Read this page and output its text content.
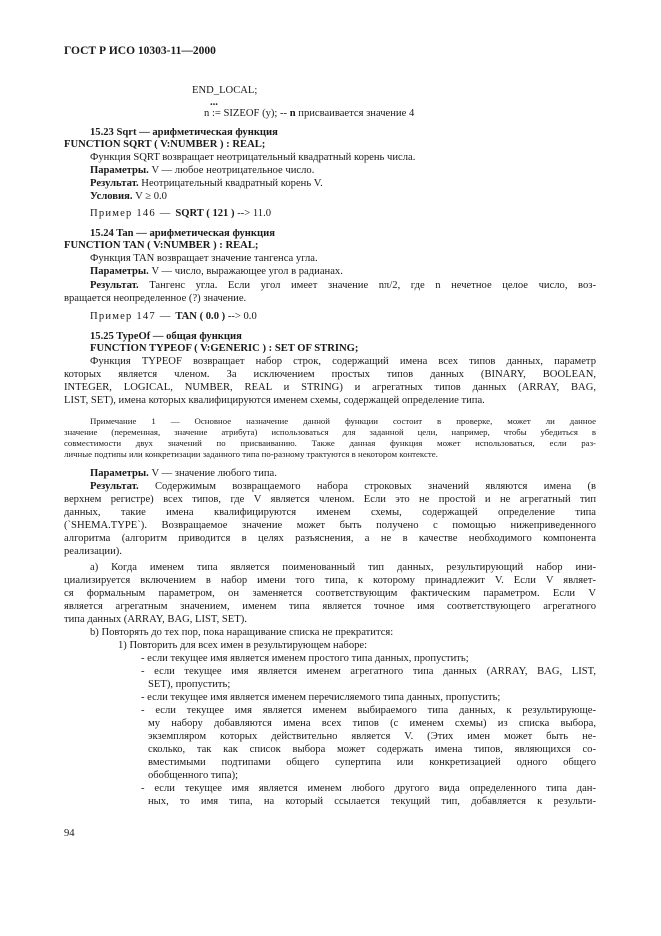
ГОСТ Р ИСО 10303-11—2000
END_LOCAL;
...
n := SIZEOF (y); -- n присваивается значение 4
15.23 Sqrt — арифметическая функция
FUNCTION SQRT ( V:NUMBER ) : REAL;
Функция SQRT возвращает неотрицательный квадратный корень числа.
Параметры. V — любое неотрицательное число.
Результат. Неотрицательный квадратный корень V.
Условия. V ≥ 0.0
Пример 146 — SQRT ( 121 ) --> 11.0
15.24 Tan — арифметическая функция
FUNCTION TAN ( V:NUMBER ) : REAL;
Функция TAN возвращает значение тангенса угла.
Параметры. V — число, выражающее угол в радианах.
Результат. Тангенс угла. Если угол имеет значение nπ/2, где n нечетное целое число, воз-
вращается неопределенное (?) значение.
Пример 147 — TAN ( 0.0 ) --> 0.0
15.25 TypeOf — общая функция
FUNCTION TYPEOF ( V:GENERIC ) : SET OF STRING;
Функция TYPEOF возвращает набор строк, содержащий имена всех типов данных, параметр
которых является членом. За исключением простых типов данных (BINARY, BOOLEAN,
INTEGER, LOGICAL, NUMBER, REAL и STRING) и агрегатных типов данных (ARRAY, BAG,
LIST, SET), имена которых квалифицируются именем схемы, содержащей определение типа.
Примечание 1 — Основное назначение данной функции состоит в проверке, может ли данное
значение (переменная, значение атрибута) использоваться для заданной цели, например, чтобы убедиться в
совместимости двух значений по присваиванию. Также данная функция может использоваться, если раз-
личные подтипы или конкретизации заданного типа по-разному трактуются в некотором контексте.
Параметры. V — значение любого типа.
Результат. Содержимым возвращаемого набора строковых значений являются имена (в
верхнем регистре) всех типов, где V является членом. Если это не простой и не агрегатный тип
данных, такие имена квалифицируются именем схемы, содержащей определение типа
(`SHEMA.TYPE`). Возвращаемое значение может быть получено с помощью нижеприведенного
алгоритма (алгоритм приводится в целях разъяснения, а не в качестве необходимого компонента
реализации).
a) Когда именем типа является поименованный тип данных, результирующий набор ини-
циализируется включением в набор имени того типа, к которому принадлежит V. Если V являет-
ся формальным параметром, он заменяется соответствующим фактическим параметром. Если V
является агрегатным значением, именем типа является точное имя соответствующего агрегатного
типа данных (ARRAY, BAG, LIST, SET).
b) Повторять до тех пор, пока наращивание списка не прекратится:
1) Повторить для всех имен в результирующем наборе:
- если текущее имя является именем простого типа данных, пропустить;
- если текущее имя является именем агрегатного типа данных (ARRAY, BAG, LIST,
SET), пропустить;
- если текущее имя является именем перечисляемого типа данных, пропустить;
- если текущее имя является именем выбираемого типа данных, к результирующе-
му набору добавляются имена всех типов (с именем схемы) из списка выбора,
экземпляром которых действительно является V. (Этих имен может быть не-
сколько, так как список выбора может содержать имена типов, являющихся со-
вместимыми подтипами общего супертипа или конкретизацией одного общего
обобщенного типа);
- если текущее имя является именем любого другого вида определенного типа дан-
ных, то имя типа, на который ссылается текущий тип, добавляется к результи-
94
